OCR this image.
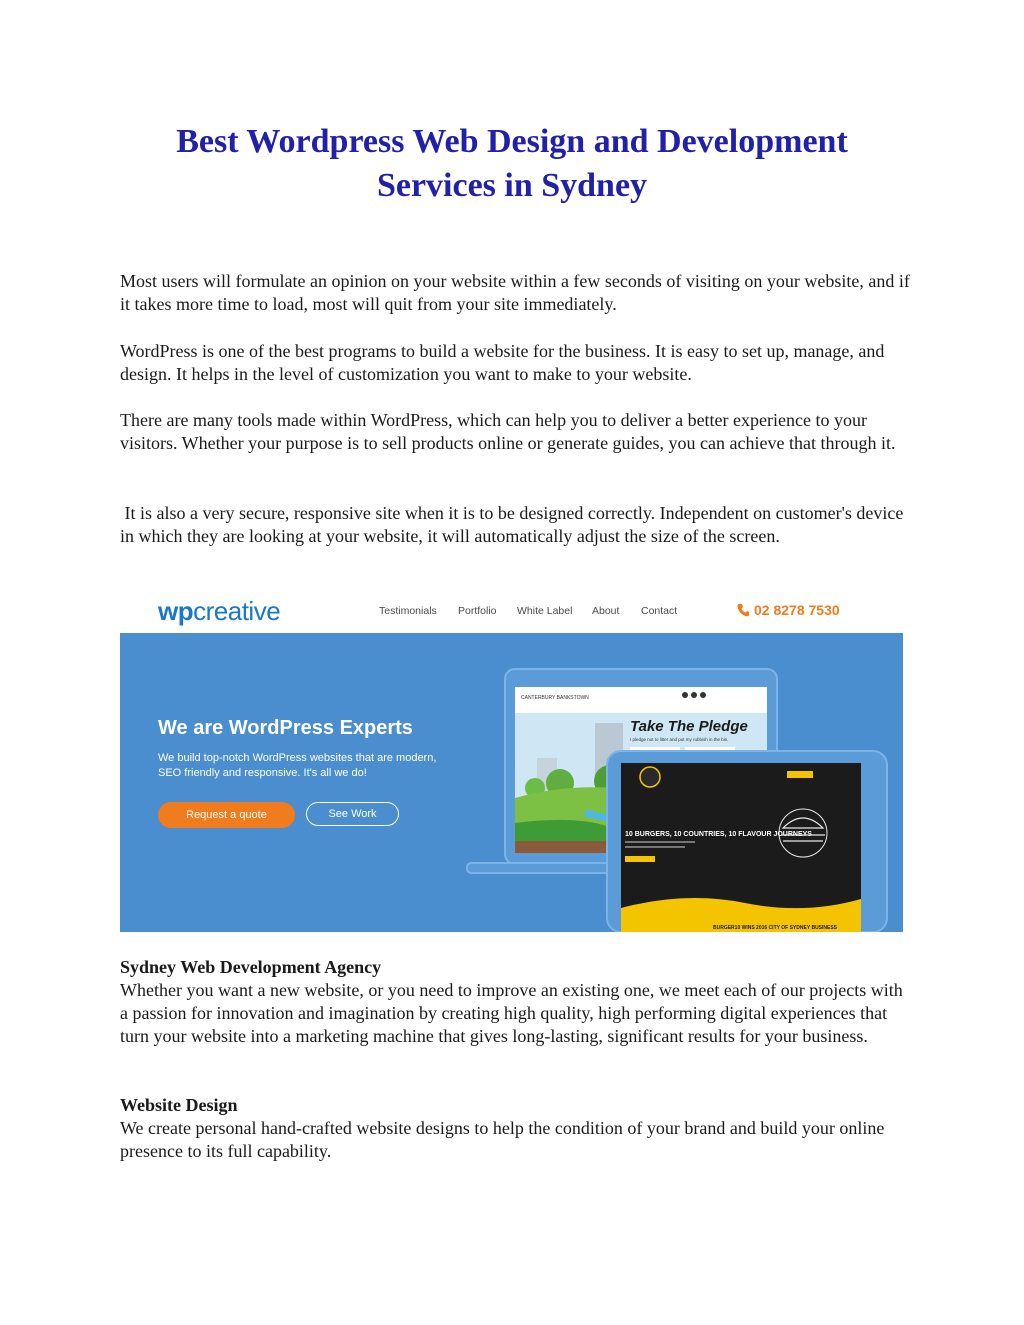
Best Wordpress Web Design and Development Services in Sydney

Most users will formulate an opinion on your website within a few seconds of visiting on your website, and if it takes more time to load, most will quit from your site immediately.

WordPress is one of the best programs to build a website for the business. It is easy to set up, manage, and design. It helps in the level of customization you want to make to your website.

There are many tools made within WordPress, which can help you to deliver a better experience to your visitors. Whether your purpose is to sell products online or generate guides, you can achieve that through it.

It is also a very secure, responsive site when it is to be designed correctly. Independent on customer's device in which they are looking at your website, it will automatically adjust the size of the screen.

wpcreative	Testimonials Portfolio White Label About Contact	02 8278 7530
We are WordPress Experts

We build top-notch WordPress websites that are modern, SEO friendly and responsive. It's all we do!

Request a quote	See Work
CANTERBURY BANKSTOWN
Take The Pledge
I pledge not to litter and put my rubbish in the bin.
10 BURGERS, 10 COUNTRIES, 10 FLAVOUR JOURNEYS
BURGER10 WINS 2016 CITY OF SYDNEY BUSINESS

Sydney Web Development Agency

Whether you want a new website, or you need to improve an existing one, we meet each of our projects with a passion for innovation and imagination by creating high quality, high performing digital experiences that turn your website into a marketing machine that gives long-lasting, significant results for your business.

Website Design

We create personal hand-crafted website designs to help the condition of your brand and build your online presence to its full capability.
